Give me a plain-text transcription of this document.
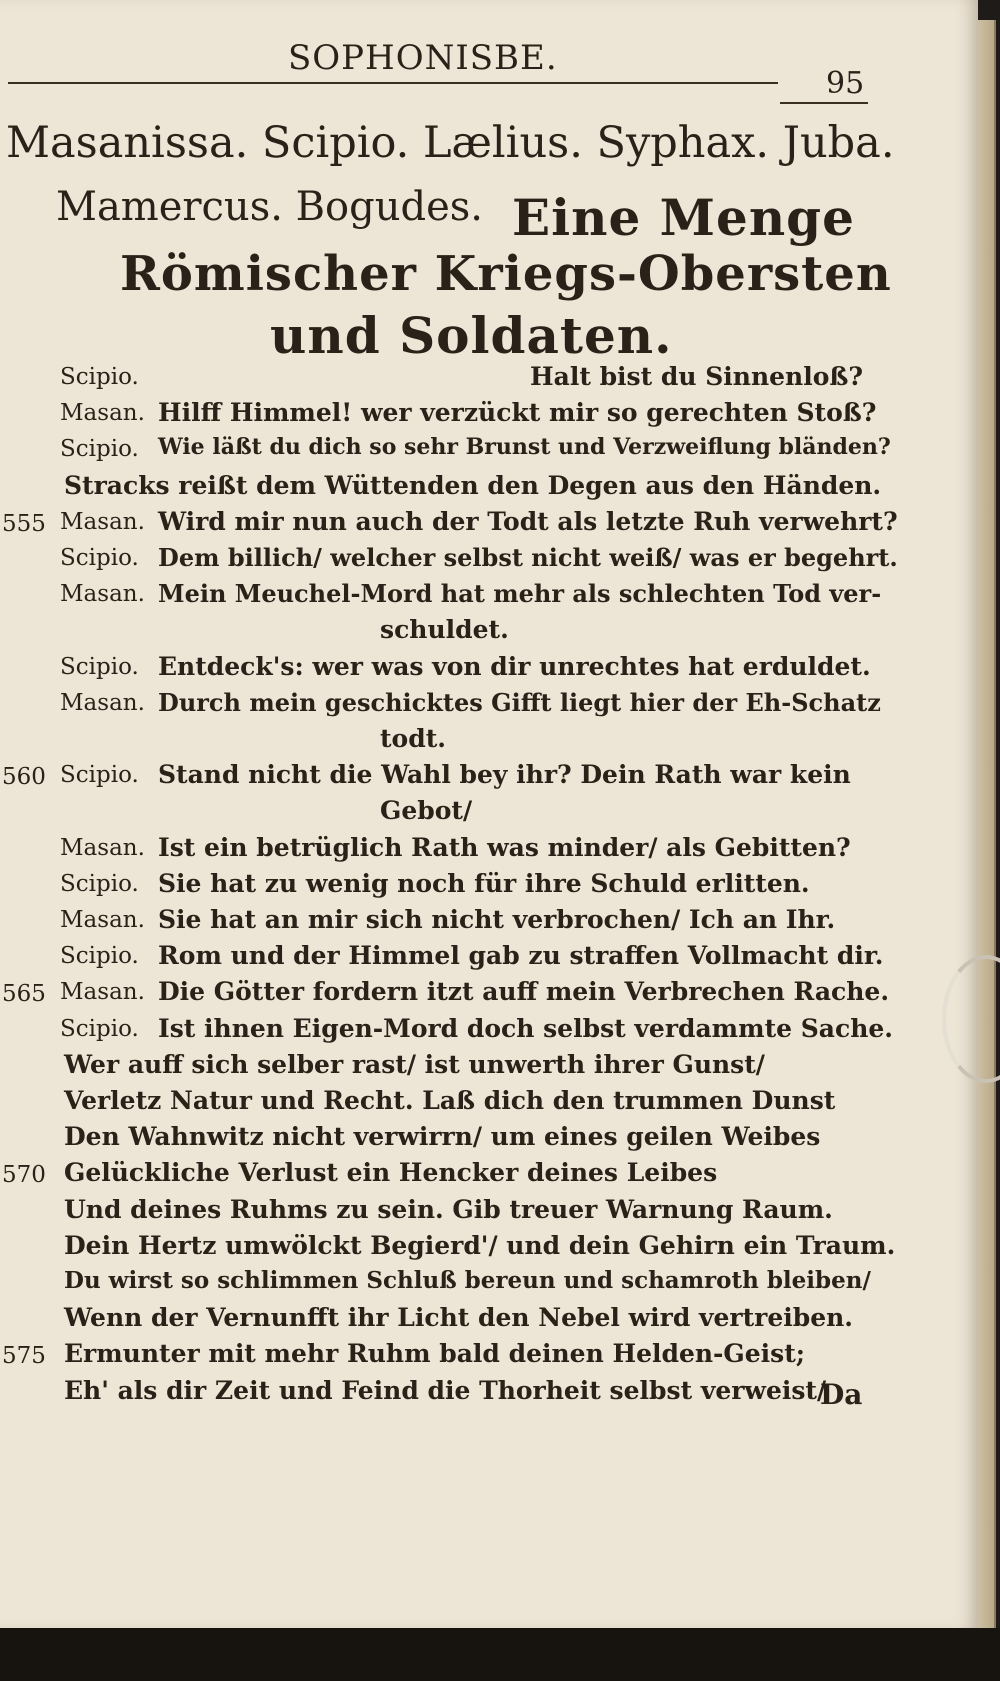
SOPHONISBE.
95
Masanissa. Scipio. Lælius. Syphax. Juba.
Mamercus. Bogudes. Eine Menge
Römischer Kriegs-Obersten
und Soldaten.
Scipio.	Halt bist du Sinnenloß?
Masan. Hilff Himmel! wer verzückt mir so gerechten Stoß?
Scipio. Wie läßt du dich so sehr Brunst und Verzweiflung bländen?
Stracks reißt dem Wüttenden den Degen aus den Händen.
555 Masan. Wird mir nun auch der Todt als letzte Ruh verwehrt?
Scipio. Dem billich/ welcher selbst nicht weiß/ was er begehrt.
Masan. Mein Meuchel-Mord hat mehr als schlechten Tod ver-
schuldet.
Scipio. Entdeck's: wer was von dir unrechtes hat erduldet.
Masan. Durch mein geschicktes Gifft liegt hier der Eh-Schatz
todt.
560 Scipio. Stand nicht die Wahl bey ihr? Dein Rath war kein
Gebot/
Masan. Ist ein betrüglich Rath was minder/ als Gebitten?
Scipio. Sie hat zu wenig noch für ihre Schuld erlitten.
Masan. Sie hat an mir sich nicht verbrochen/ Ich an Ihr.
Scipio. Rom und der Himmel gab zu straffen Vollmacht dir.
565 Masan. Die Götter fordern itzt auff mein Verbrechen Rache.
Scipio. Ist ihnen Eigen-Mord doch selbst verdammte Sache.
Wer auff sich selber rast/ ist unwerth ihrer Gunst/
Verletz Natur und Recht. Laß dich den trummen Dunst
Den Wahnwitz nicht verwirrn/ um eines geilen Weibes
570 Gelückliche Verlust ein Hencker deines Leibes
Und deines Ruhms zu sein. Gib treuer Warnung Raum.
Dein Hertz umwölckt Begierd'/ und dein Gehirn ein Traum.
Du wirst so schlimmen Schluß bereun und schamroth bleiben/
Wenn der Vernunfft ihr Licht den Nebel wird vertreiben.
575 Ermunter mit mehr Ruhm bald deinen Helden-Geist;
Eh' als dir Zeit und Feind die Thorheit selbst verweist/
Da
